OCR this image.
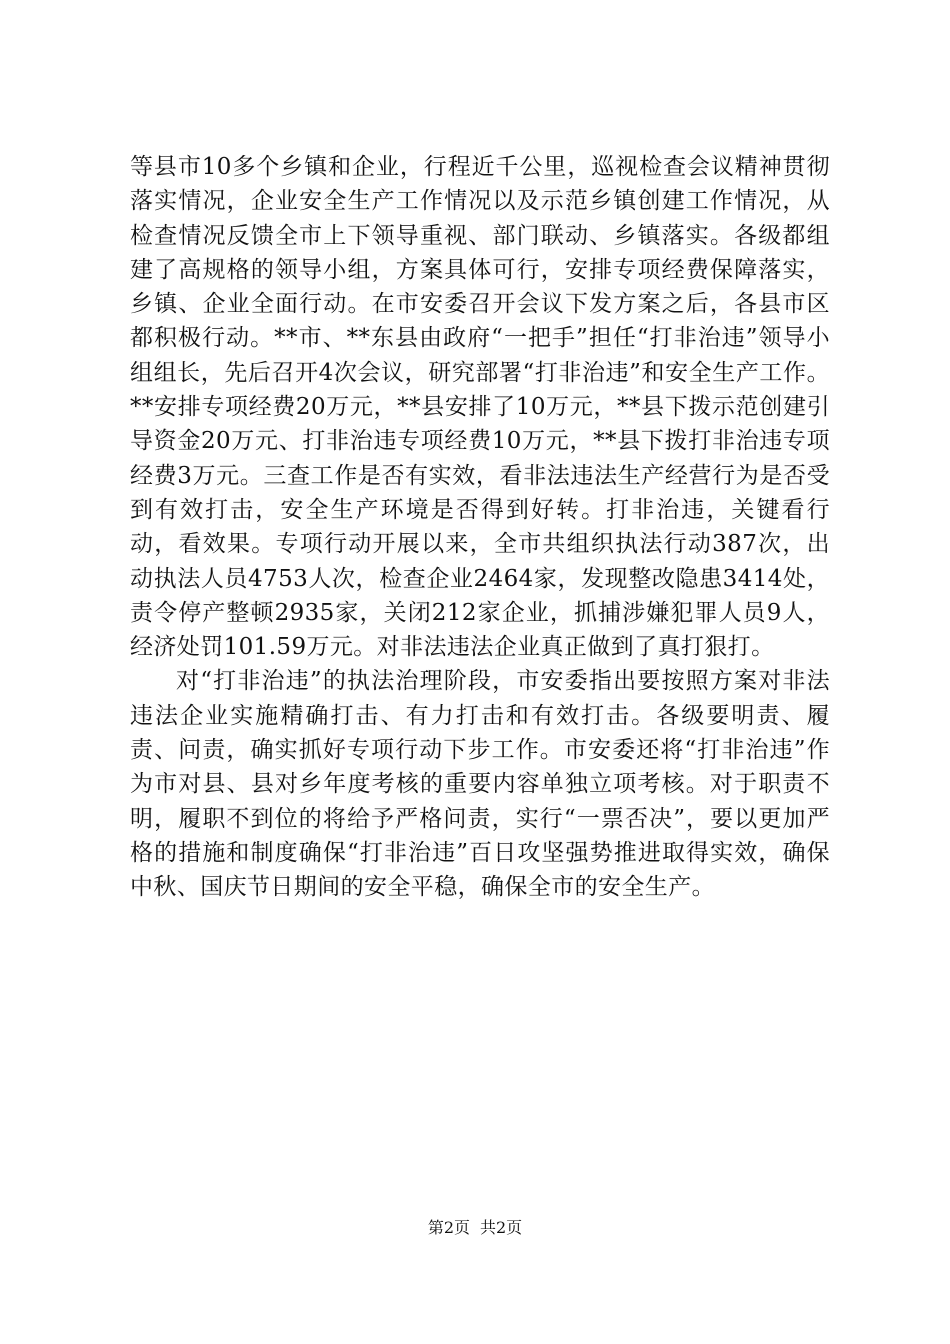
等县市10多个乡镇和企业，行程近千公里，巡视检查会议精神贯彻落实情况，企业安全生产工作情况以及示范乡镇创建工作情况，从检查情况反馈全市上下领导重视、部门联动、乡镇落实。各级都组建了高规格的领导小组，方案具体可行，安排专项经费保障落实，乡镇、企业全面行动。在市安委召开会议下发方案之后，各县市区都积极行动。**市、**东县由政府“一把手”担任“打非治违”领导小组组长，先后召开4次会议，研究部署“打非治违”和安全生产工作。**安排专项经费20万元，**县安排了10万元，**县下拨示范创建引导资金20万元、打非治违专项经费10万元，**县下拨打非治违专项经费3万元。三查工作是否有实效，看非法违法生产经营行为是否受到有效打击，安全生产环境是否得到好转。打非治违，关键看行动，看效果。专项行动开展以来，全市共组织执法行动387次，出动执法人员4753人次，检查企业2464家，发现整改隐患3414处，责令停产整顿2935家，关闭212家企业，抓捕涉嫌犯罪人员9人，经济处罚101.59万元。对非法违法企业真正做到了真打狠打。

对“打非治违”的执法治理阶段，市安委指出要按照方案对非法违法企业实施精确打击、有力打击和有效打击。各级要明责、履责、问责，确实抓好专项行动下步工作。市安委还将“打非治违”作为市对县、县对乡年度考核的重要内容单独立项考核。对于职责不明，履职不到位的将给予严格问责，实行“一票否决”，要以更加严格的措施和制度确保“打非治违”百日攻坚强势推进取得实效，确保中秋、国庆节日期间的安全平稳，确保全市的安全生产。

第2页 共2页
